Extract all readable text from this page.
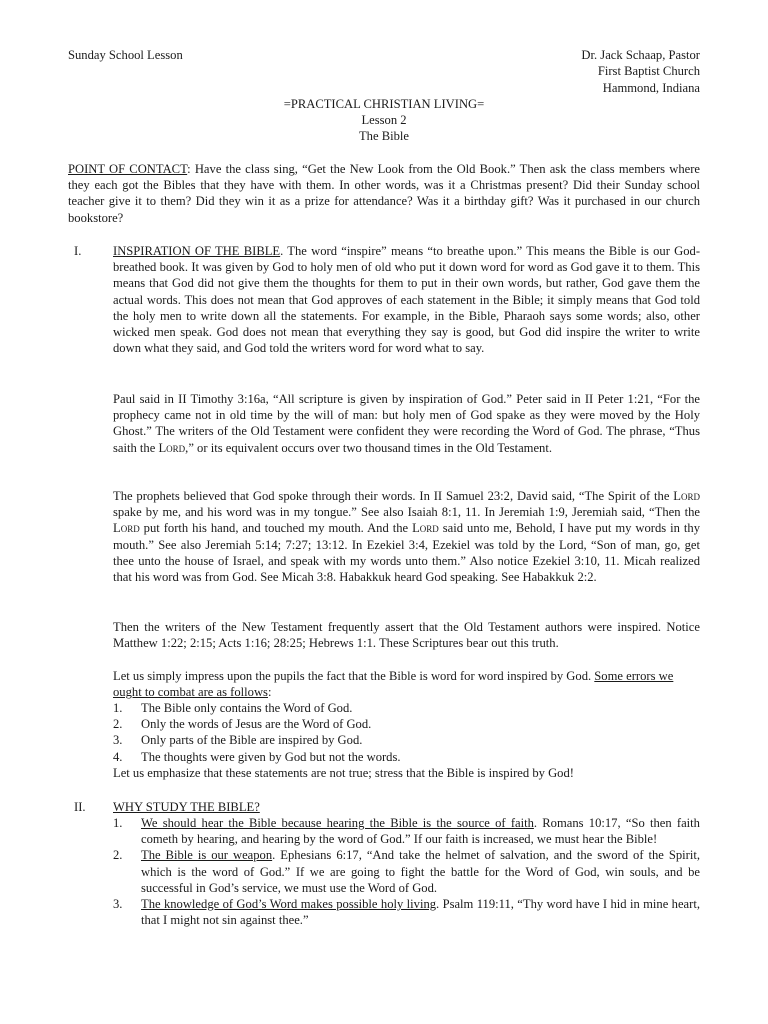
Sunday School Lesson	Dr. Jack Schaap, Pastor
First Baptist Church
Hammond, Indiana
=PRACTICAL CHRISTIAN LIVING=
Lesson 2
The Bible

POINT OF CONTACT: Have the class sing, “Get the New Look from the Old Book.” Then ask the class members where they each got the Bibles that they have with them. In other words, was it a Christmas present? Did their Sunday school teacher give it to them? Did they win it as a prize for attendance? Was it a birthday gift? Was it purchased in our church bookstore?

I.	INSPIRATION OF THE BIBLE. The word “inspire” means “to breathe upon.” This means the Bible is our God-breathed book. It was given by God to holy men of old who put it down word for word as God gave it to them. This means that God did not give them the thoughts for them to put in their own words, but rather, God gave them the actual words. This does not mean that God approves of each statement in the Bible; it simply means that God told the holy men to write down all the statements. For example, in the Bible, Pharaoh says some words; also, other wicked men speak. God does not mean that everything they say is good, but God did inspire the writer to write down what they said, and God told the writers word for word what to say.

Paul said in II Timothy 3:16a, “All scripture is given by inspiration of God.” Peter said in II Peter 1:21, “For the prophecy came not in old time by the will of man: but holy men of God spake as they were moved by the Holy Ghost.” The writers of the Old Testament were confident they were recording the Word of God. The phrase, “Thus saith the Lord,” or its equivalent occurs over two thousand times in the Old Testament.

The prophets believed that God spoke through their words. In II Samuel 23:2, David said, “The Spirit of the Lord spake by me, and his word was in my tongue.” See also Isaiah 8:1, 11. In Jeremiah 1:9, Jeremiah said, “Then the Lord put forth his hand, and touched my mouth. And the Lord said unto me, Behold, I have put my words in thy mouth.” See also Jeremiah 5:14; 7:27; 13:12. In Ezekiel 3:4, Ezekiel was told by the Lord, “Son of man, go, get thee unto the house of Israel, and speak with my words unto them.” Also notice Ezekiel 3:10, 11. Micah realized that his word was from God. See Micah 3:8. Habakkuk heard God speaking. See Habakkuk 2:2.

Then the writers of the New Testament frequently assert that the Old Testament authors were inspired. Notice Matthew 1:22; 2:15; Acts 1:16; 28:25; Hebrews 1:1. These Scriptures bear out this truth.

Let us simply impress upon the pupils the fact that the Bible is word for word inspired by God. Some errors we ought to combat are as follows:

1. The Bible only contains the Word of God.
2. Only the words of Jesus are the Word of God.
3. Only parts of the Bible are inspired by God.
4. The thoughts were given by God but not the words.

Let us emphasize that these statements are not true; stress that the Bible is inspired by God!

II. WHY STUDY THE BIBLE?
1. We should hear the Bible because hearing the Bible is the source of faith. Romans 10:17, “So then faith cometh by hearing, and hearing by the word of God.” If our faith is increased, we must hear the Bible!

2. The Bible is our weapon. Ephesians 6:17, “And take the helmet of salvation, and the sword of the Spirit, which is the word of God.” If we are going to fight the battle for the Word of God, win souls, and be successful in God’s service, we must use the Word of God.

3. The knowledge of God’s Word makes possible holy living. Psalm 119:11, “Thy word have I hid in mine heart, that I might not sin against thee.”
